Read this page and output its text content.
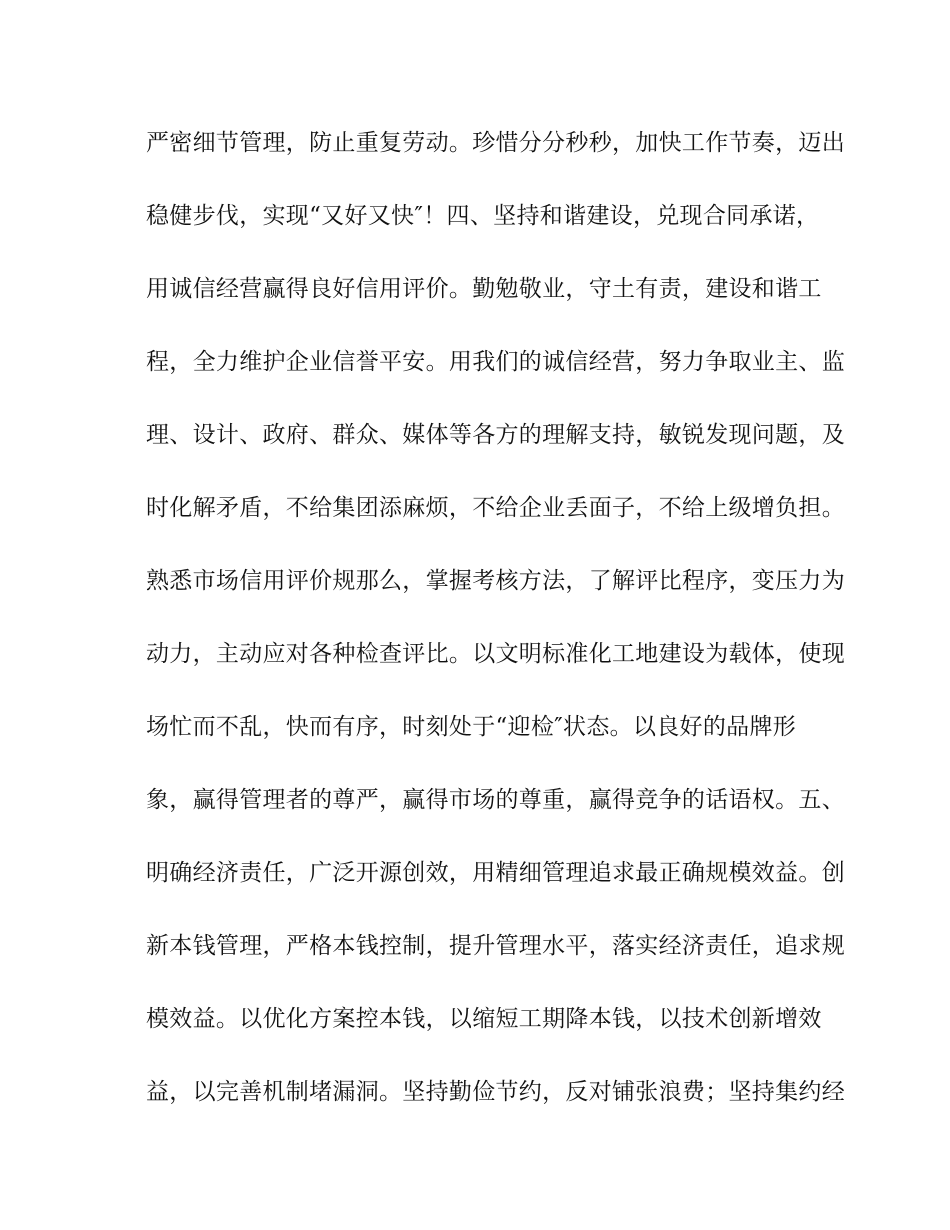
严密细节管理，防止重复劳动。珍惜分分秒秒，加快工作节奏，迈出
稳健步伐，实现“又好又快″！四、坚持和谐建设，兑现合同承诺，
用诚信经营赢得良好信用评价。勤勉敬业，守土有责，建设和谐工
程，全力维护企业信誉平安。用我们的诚信经营，努力争取业主、监
理、设计、政府、群众、媒体等各方的理解支持，敏锐发现问题，及
时化解矛盾，不给集团添麻烦，不给企业丢面子，不给上级增负担。
熟悉市场信用评价规那么，掌握考核方法，了解评比程序，变压力为
动力，主动应对各种检查评比。以文明标准化工地建设为载体，使现
场忙而不乱，快而有序，时刻处于“迎检″状态。以良好的品牌形
象，赢得管理者的尊严，赢得市场的尊重，赢得竞争的话语权。五、
明确经济责任，广泛开源创效，用精细管理追求最正确规模效益。创
新本钱管理，严格本钱控制，提升管理水平，落实经济责任，追求规
模效益。以优化方案控本钱，以缩短工期降本钱，以技术创新增效
益，以完善机制堵漏洞。坚持勤俭节约，反对铺张浪费；坚持集约经
